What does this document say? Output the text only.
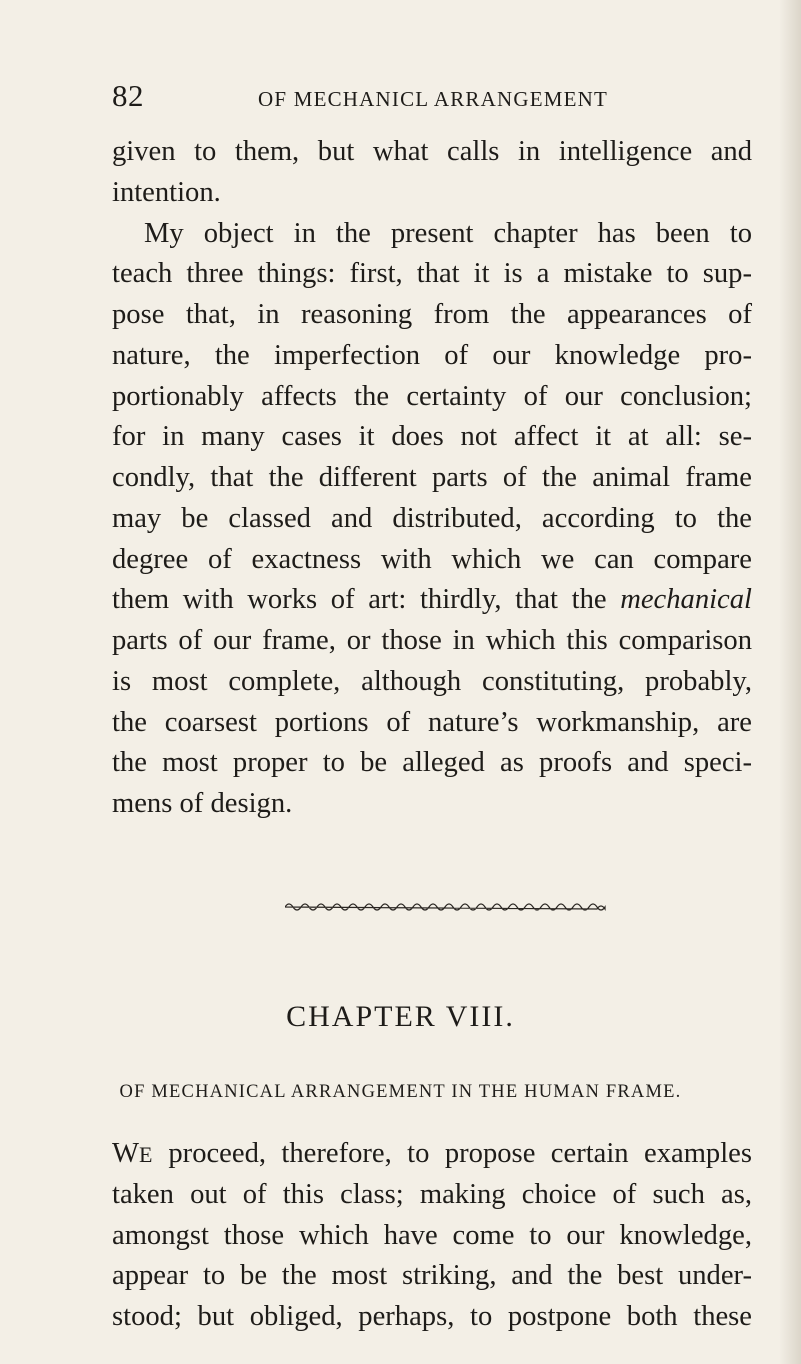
82	OF MECHANICL ARRANGEMENT
given to them, but what calls in intelligence and
intention.
My object in the present chapter has been to
teach three things: first, that it is a mistake to sup-
pose that, in reasoning from the appearances of
nature, the imperfection of our knowledge pro-
portionably affects the certainty of our conclusion;
for in many cases it does not affect it at all: se-
condly, that the different parts of the animal frame
may be classed and distributed, according to the
degree of exactness with which we can compare
them with works of art: thirdly, that the mechanical
parts of our frame, or those in which this comparison
is most complete, although constituting, probably,
the coarsest portions of nature’s workmanship, are
the most proper to be alleged as proofs and speci-
mens of design.
CHAPTER VIII.
OF MECHANICAL ARRANGEMENT IN THE HUMAN FRAME.
WE proceed, therefore, to propose certain examples
taken out of this class; making choice of such as,
amongst those which have come to our knowledge,
appear to be the most striking, and the best under-
stood; but obliged, perhaps, to postpone both these
